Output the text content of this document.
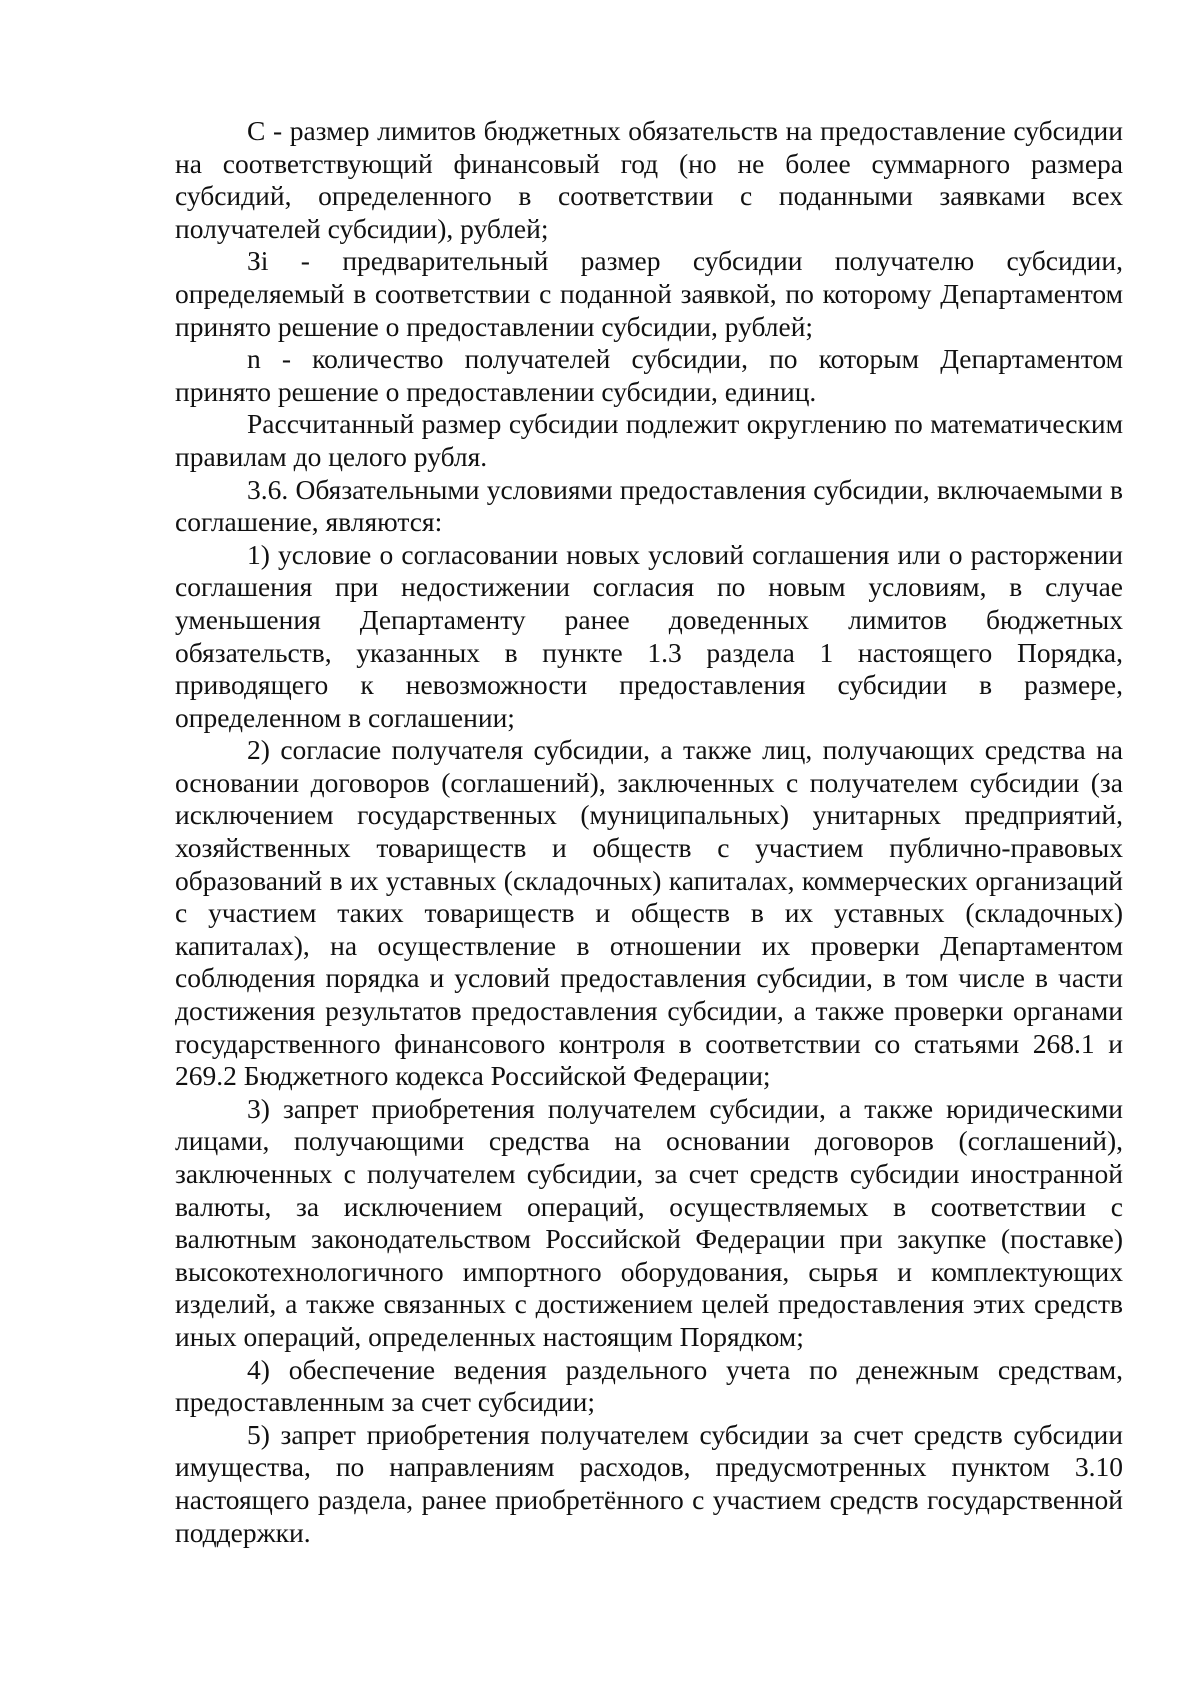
C - размер лимитов бюджетных обязательств на предоставление субсидии на соответствующий финансовый год (но не более суммарного размера субсидий, определенного в соответствии с поданными заявками всех получателей субсидии), рублей;

Зi - предварительный размер субсидии получателю субсидии, определяемый в соответствии с поданной заявкой, по которому Департаментом принято решение о предоставлении субсидии, рублей;

n - количество получателей субсидии, по которым Департаментом принято решение о предоставлении субсидии, единиц.

Рассчитанный размер субсидии подлежит округлению по математическим правилам до целого рубля.

3.6. Обязательными условиями предоставления субсидии, включаемыми в соглашение, являются:

1) условие о согласовании новых условий соглашения или о расторжении соглашения при недостижении согласия по новым условиям, в случае уменьшения Департаменту ранее доведенных лимитов бюджетных обязательств, указанных в пункте 1.3 раздела 1 настоящего Порядка, приводящего к невозможности предоставления субсидии в размере, определенном в соглашении;

2) согласие получателя субсидии, а также лиц, получающих средства на основании договоров (соглашений), заключенных с получателем субсидии (за исключением государственных (муниципальных) унитарных предприятий, хозяйственных товариществ и обществ с участием публично-правовых образований в их уставных (складочных) капиталах, коммерческих организаций с участием таких товариществ и обществ в их уставных (складочных) капиталах), на осуществление в отношении их проверки Департаментом соблюдения порядка и условий предоставления субсидии, в том числе в части достижения результатов предоставления субсидии, а также проверки органами государственного финансового контроля в соответствии со статьями 268.1 и 269.2 Бюджетного кодекса Российской Федерации;

3) запрет приобретения получателем субсидии, а также юридическими лицами, получающими средства на основании договоров (соглашений), заключенных с получателем субсидии, за счет средств субсидии иностранной валюты, за исключением операций, осуществляемых в соответствии с валютным законодательством Российской Федерации при закупке (поставке) высокотехнологичного импортного оборудования, сырья и комплектующих изделий, а также связанных с достижением целей предоставления этих средств иных операций, определенных настоящим Порядком;

4) обеспечение ведения раздельного учета по денежным средствам, предоставленным за счет субсидии;

5) запрет приобретения получателем субсидии за счет средств субсидии имущества, по направлениям расходов, предусмотренных пунктом 3.10 настоящего раздела, ранее приобретённого с участием средств государственной поддержки.
